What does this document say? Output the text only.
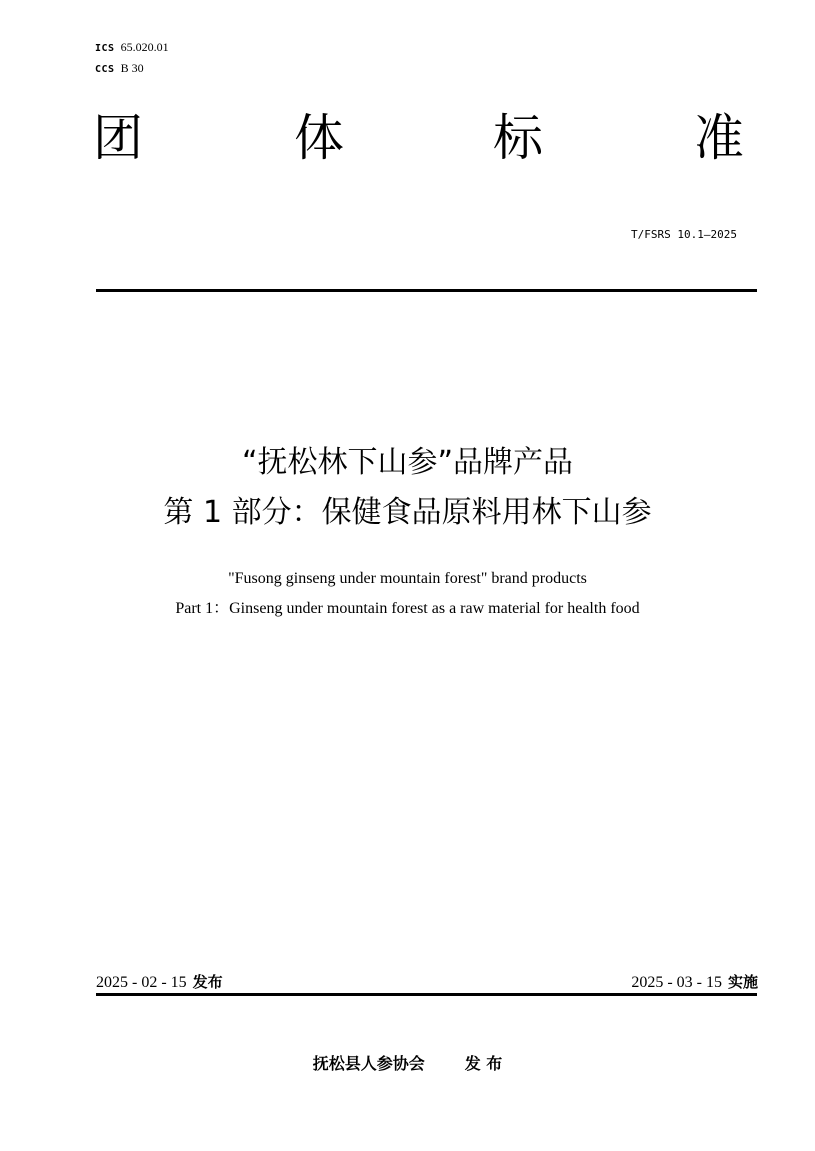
ICS 65.020.01
CCS B 30
团	体	标	准
T/FSRS 10.1—2025
“抚松林下山参”品牌产品
第 1 部分：保健食品原料用林下山参
"Fusong ginseng under mountain forest" brand products
Part 1：Ginseng under mountain forest as a raw material for health food
2025 - 02 - 15 发布	2025 - 03 - 15 实施
抚松县人参协会	发 布
